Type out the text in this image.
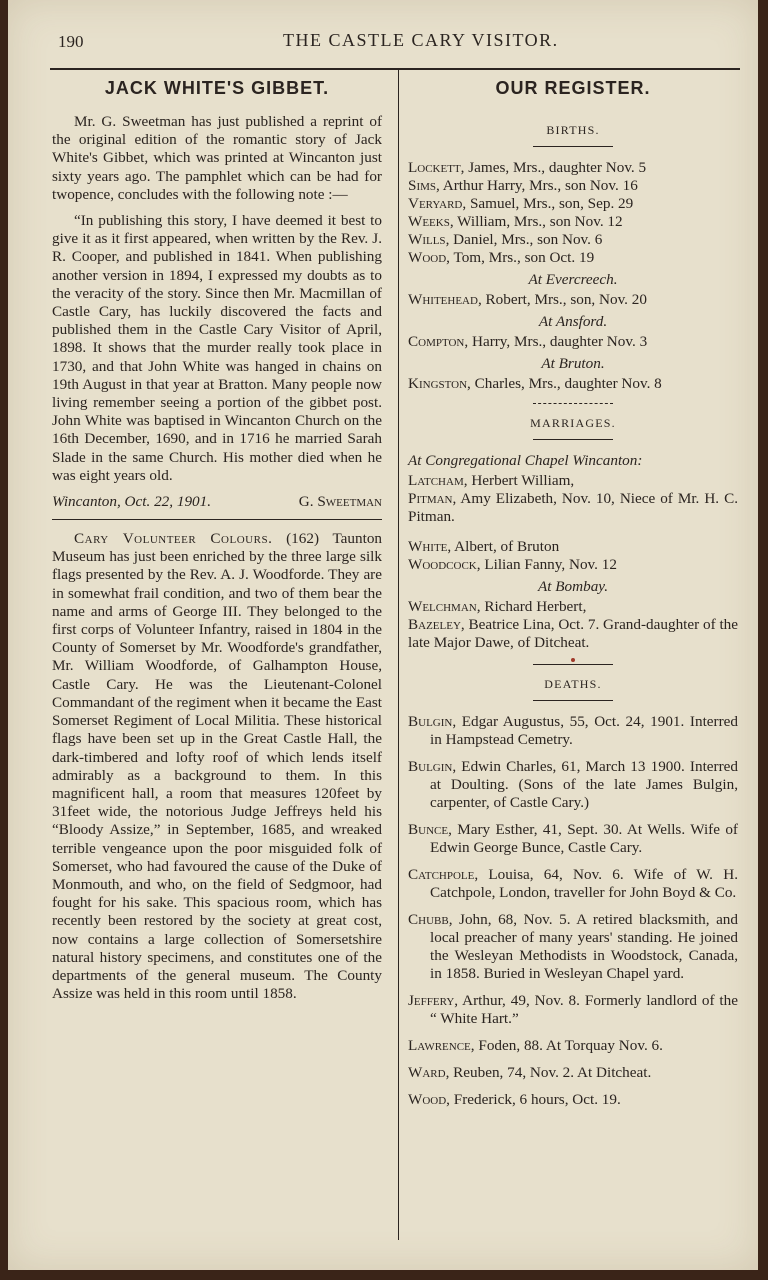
190	THE CASTLE CARY VISITOR.
JACK WHITE'S GIBBET.

Mr. G. Sweetman has just published a reprint of the original edition of the romantic story of Jack White's Gibbet, which was printed at Wincanton just sixty years ago. The pamphlet which can be had for twopence, concludes with the following note :—

“In publishing this story, I have deemed it best to give it as it first appeared, when written by the Rev. J. R. Cooper, and published in 1841. When publishing another version in 1894, I expressed my doubts as to the veracity of the story. Since then Mr. Macmillan of Castle Cary, has luckily discovered the facts and published them in the Castle Cary Visitor of April, 1898. It shows that the murder really took place in 1730, and that John White was hanged in chains on 19th August in that year at Bratton. Many people now living remember seeing a portion of the gibbet post. John White was baptised in Wincanton Church on the 16th December, 1690, and in 1716 he married Sarah Slade in the same Church. His mother died when he was eight years old.

Wincanton, Oct. 22, 1901.	G. Sweetman

Cary Volunteer Colours. (162) Taunton Museum has just been enriched by the three large silk flags presented by the Rev. A. J. Woodforde. They are in somewhat frail condition, and two of them bear the name and arms of George III. They belonged to the first corps of Volunteer Infantry, raised in 1804 in the County of Somerset by Mr. Woodforde's grandfather, Mr. William Woodforde, of Galhampton House, Castle Cary. He was the Lieutenant-Colonel Commandant of the regiment when it became the East Somerset Regiment of Local Militia. These historical flags have been set up in the Great Castle Hall, the dark-timbered and lofty roof of which lends itself admirably as a background to them. In this magnificent hall, a room that measures 120feet by 31feet wide, the notorious Judge Jeffreys held his “Bloody Assize,” in September, 1685, and wreaked terrible vengeance upon the poor misguided folk of Somerset, who had favoured the cause of the Duke of Monmouth, and who, on the field of Sedgmoor, had fought for his sake. This spacious room, which has recently been restored by the society at great cost, now contains a large collection of Somersetshire natural history specimens, and constitutes one of the departments of the general museum. The County Assize was held in this room until 1858.

OUR REGISTER.
BIRTHS.
Lockett, James, Mrs., daughter Nov. 5
Sims, Arthur Harry, Mrs., son Nov. 16
Veryard, Samuel, Mrs., son, Sep. 29
Weeks, William, Mrs., son Nov. 12
Wills, Daniel, Mrs., son Nov. 6
Wood, Tom, Mrs., son Oct. 19
At Evercreech.
Whitehead, Robert, Mrs., son, Nov. 20
At Ansford.
Compton, Harry, Mrs., daughter Nov. 3
At Bruton.
Kingston, Charles, Mrs., daughter Nov. 8
MARRIAGES.
At Congregational Chapel Wincanton:
Latcham, Herbert William,
Pitman, Amy Elizabeth, Nov. 10, Niece of Mr. H. C. Pitman.
White, Albert, of Bruton
Woodcock, Lilian Fanny, Nov. 12
At Bombay.
Welchman, Richard Herbert,
Bazeley, Beatrice Lina, Oct. 7. Grand-daughter of the late Major Dawe, of Ditcheat.
DEATHS.
Bulgin, Edgar Augustus, 55, Oct. 24, 1901. Interred in Hampstead Cemetry.
Bulgin, Edwin Charles, 61, March 13 1900. Interred at Doulting. (Sons of the late James Bulgin, carpenter, of Castle Cary.)
Bunce, Mary Esther, 41, Sept. 30. At Wells. Wife of Edwin George Bunce, Castle Cary.
Catchpole, Louisa, 64, Nov. 6. Wife of W. H. Catchpole, London, traveller for John Boyd & Co.
Chubb, John, 68, Nov. 5. A retired blacksmith, and local preacher of many years' standing. He joined the Wesleyan Methodists in Woodstock, Canada, in 1858. Buried in Wesleyan Chapel yard.
Jeffery, Arthur, 49, Nov. 8. Formerly landlord of the “ White Hart.”
Lawrence, Foden, 88. At Torquay Nov. 6.
Ward, Reuben, 74, Nov. 2. At Ditcheat.
Wood, Frederick, 6 hours, Oct. 19.
